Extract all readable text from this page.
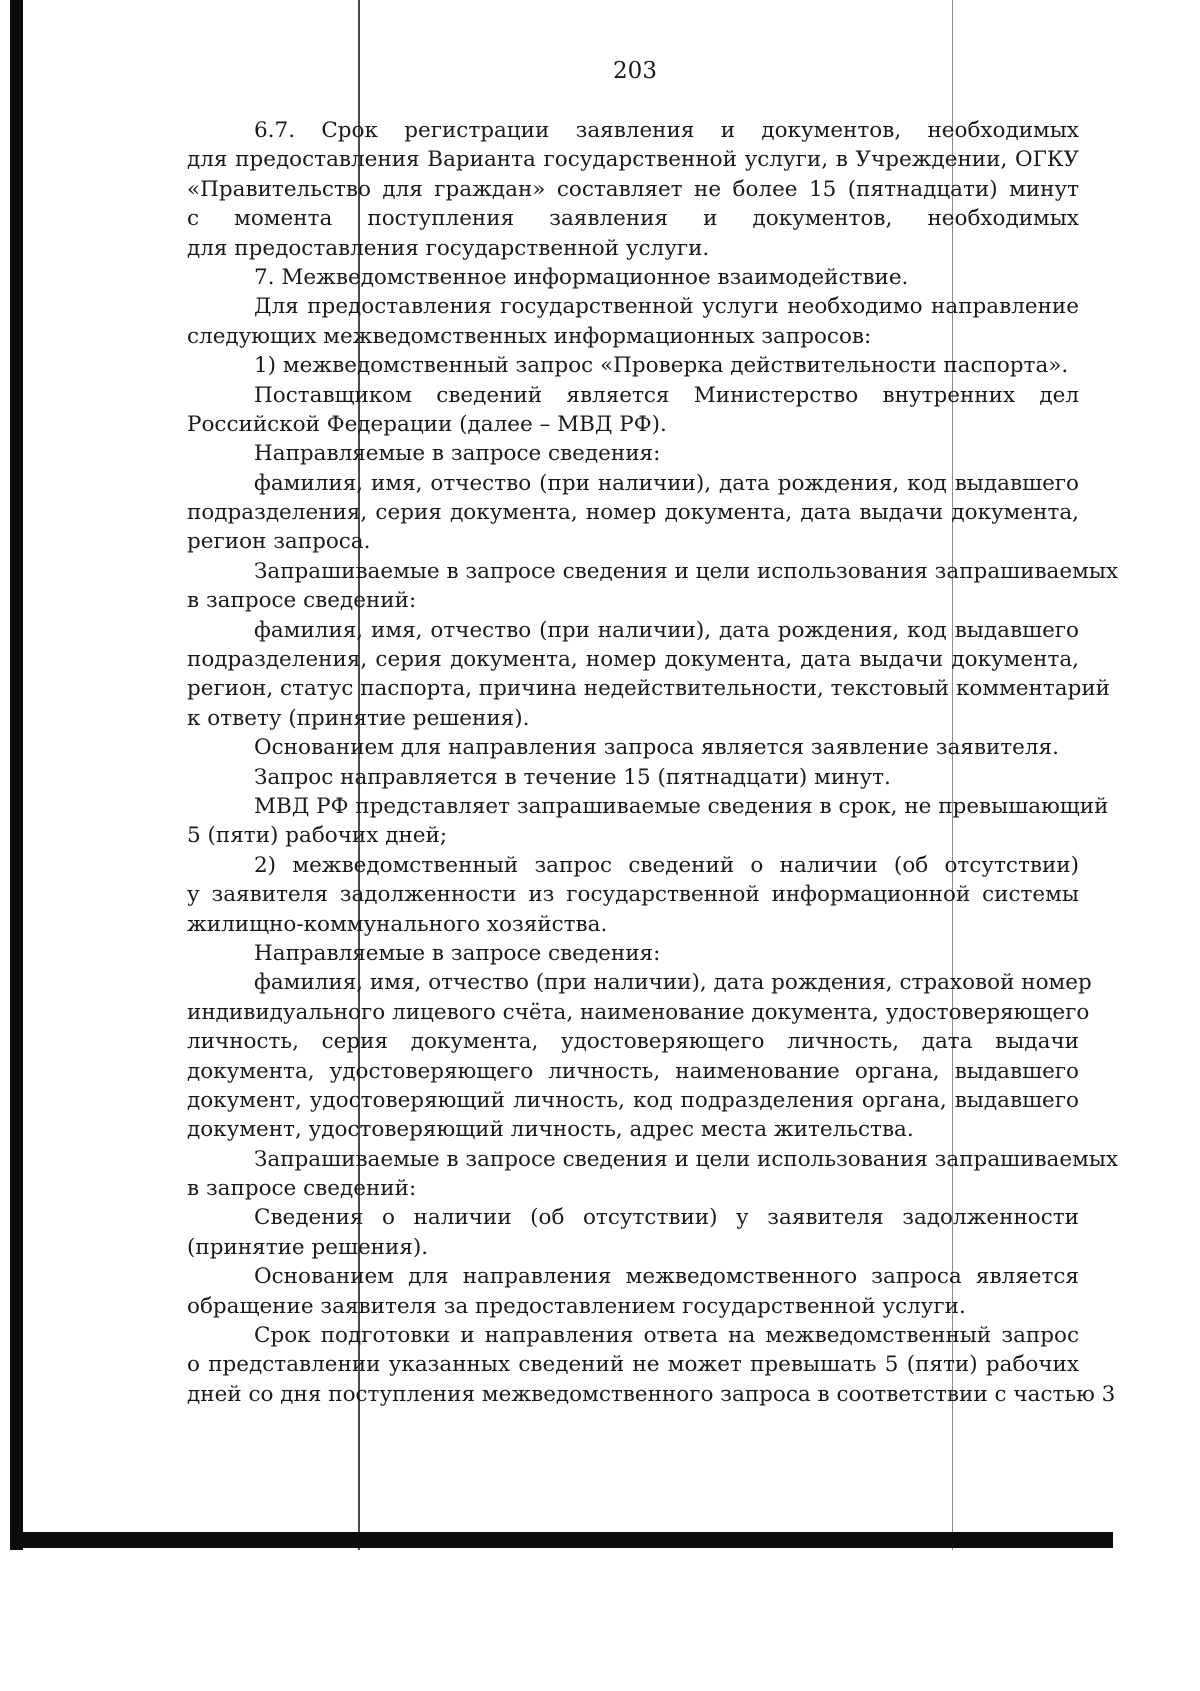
203
6.7. Срок регистрации заявления и документов, необходимых
для предоставления Варианта государственной услуги, в Учреждении, ОГКУ
«Правительство для граждан» составляет не более 15 (пятнадцати) минут
с момента поступления заявления и документов, необходимых
для предоставления государственной услуги.
7. Межведомственное информационное взаимодействие.
Для предоставления государственной услуги необходимо направление
следующих межведомственных информационных запросов:
1) межведомственный запрос «Проверка действительности паспорта».
Поставщиком сведений является Министерство внутренних дел
Российской Федерации (далее – МВД РФ).
Направляемые в запросе сведения:
фамилия, имя, отчество (при наличии), дата рождения, код выдавшего
подразделения, серия документа, номер документа, дата выдачи документа,
регион запроса.
Запрашиваемые в запросе сведения и цели использования запрашиваемых
в запросе сведений:
фамилия, имя, отчество (при наличии), дата рождения, код выдавшего
подразделения, серия документа, номер документа, дата выдачи документа,
регион, статус паспорта, причина недействительности, текстовый комментарий
к ответу (принятие решения).
Основанием для направления запроса является заявление заявителя.
Запрос направляется в течение 15 (пятнадцати) минут.
МВД РФ представляет запрашиваемые сведения в срок, не превышающий
5 (пяти) рабочих дней;
2) межведомственный запрос сведений о наличии (об отсутствии)
у заявителя задолженности из государственной информационной системы
жилищно-коммунального хозяйства.
Направляемые в запросе сведения:
фамилия, имя, отчество (при наличии), дата рождения, страховой номер
индивидуального лицевого счёта, наименование документа, удостоверяющего
личность, серия документа, удостоверяющего личность, дата выдачи
документа, удостоверяющего личность, наименование органа, выдавшего
документ, удостоверяющий личность, код подразделения органа, выдавшего
документ, удостоверяющий личность, адрес места жительства.
Запрашиваемые в запросе сведения и цели использования запрашиваемых
в запросе сведений:
Сведения о наличии (об отсутствии) у заявителя задолженности
(принятие решения).
Основанием для направления межведомственного запроса является
обращение заявителя за предоставлением государственной услуги.
Срок подготовки и направления ответа на межведомственный запрос
о представлении указанных сведений не может превышать 5 (пяти) рабочих
дней со дня поступления межведомственного запроса в соответствии с частью 3
